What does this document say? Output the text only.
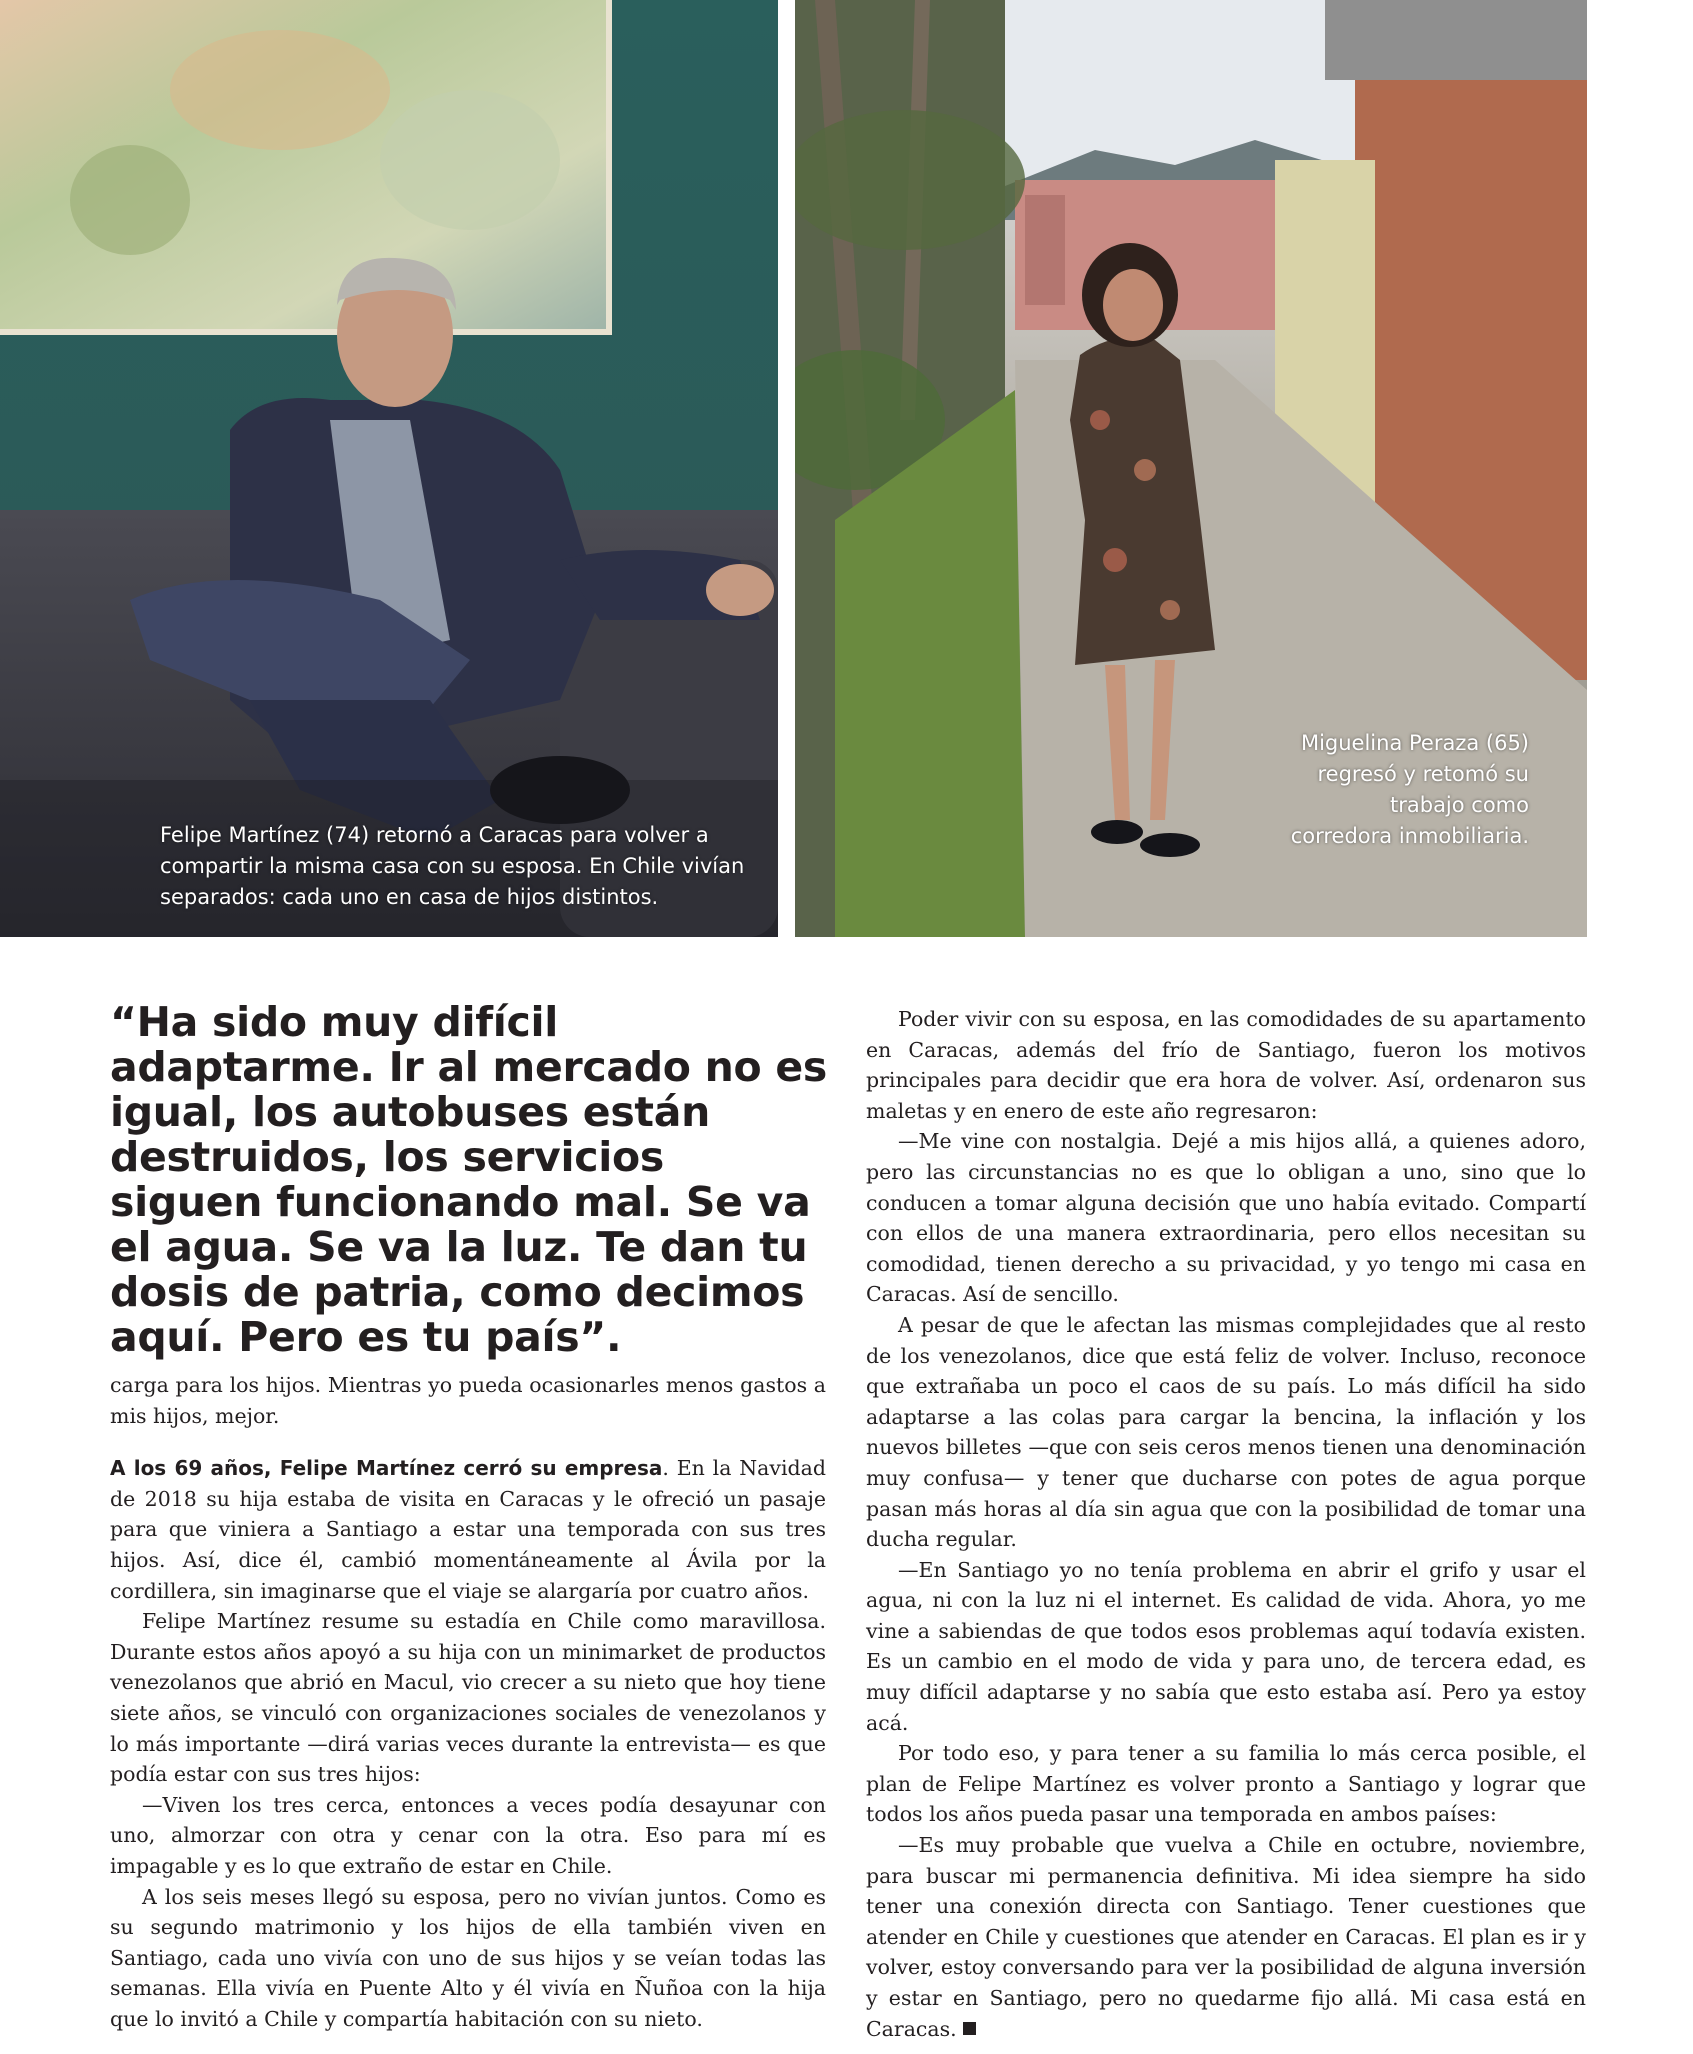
Felipe Martínez (74) retornó a Caracas para volver a compartir la misma casa con su esposa. En Chile vivían separados: cada uno en casa de hijos distintos.
Miguelina Peraza (65) regresó y retomó su trabajo como corredora inmobiliaria.

“Ha sido muy difícil adaptarme. Ir al mercado no es igual, los autobuses están destruidos, los servicios siguen funcionando mal. Se va el agua. Se va la luz. Te dan tu dosis de patria, como decimos aquí. Pero es tu país”.

carga para los hijos. Mientras yo pueda ocasionarles menos gastos a mis hijos, mejor.

A los 69 años, Felipe Martínez cerró su empresa. En la Navidad de 2018 su hija estaba de visita en Caracas y le ofreció un pasaje para que viniera a Santiago a estar una temporada con sus tres hijos. Así, dice él, cambió momentáneamente al Ávila por la cordillera, sin imaginarse que el viaje se alargaría por cuatro años.

Felipe Martínez resume su estadía en Chile como maravillosa. Durante estos años apoyó a su hija con un minimarket de productos venezolanos que abrió en Macul, vio crecer a su nieto que hoy tiene siete años, se vinculó con organizaciones sociales de venezolanos y lo más importante —dirá varias veces durante la entrevista— es que podía estar con sus tres hijos:

—Viven los tres cerca, entonces a veces podía desayunar con uno, almorzar con otra y cenar con la otra. Eso para mí es impagable y es lo que extraño de estar en Chile.

A los seis meses llegó su esposa, pero no vivían juntos. Como es su segundo matrimonio y los hijos de ella también viven en Santiago, cada uno vivía con uno de sus hijos y se veían todas las semanas. Ella vivía en Puente Alto y él vivía en Ñuñoa con la hija que lo invitó a Chile y compartía habitación con su nieto.

Poder vivir con su esposa, en las comodidades de su apartamento en Caracas, además del frío de Santiago, fueron los motivos principales para decidir que era hora de volver. Así, ordenaron sus maletas y en enero de este año regresaron:

—Me vine con nostalgia. Dejé a mis hijos allá, a quienes adoro, pero las circunstancias no es que lo obligan a uno, sino que lo conducen a tomar alguna decisión que uno había evitado. Compartí con ellos de una manera extraordinaria, pero ellos necesitan su comodidad, tienen derecho a su privacidad, y yo tengo mi casa en Caracas. Así de sencillo.

A pesar de que le afectan las mismas complejidades que al resto de los venezolanos, dice que está feliz de volver. Incluso, reconoce que extrañaba un poco el caos de su país. Lo más difícil ha sido adaptarse a las colas para cargar la bencina, la inflación y los nuevos billetes —que con seis ceros menos tienen una denominación muy confusa— y tener que ducharse con potes de agua porque pasan más horas al día sin agua que con la posibilidad de tomar una ducha regular.

—En Santiago yo no tenía problema en abrir el grifo y usar el agua, ni con la luz ni el internet. Es calidad de vida. Ahora, yo me vine a sabiendas de que todos esos problemas aquí todavía existen. Es un cambio en el modo de vida y para uno, de tercera edad, es muy difícil adaptarse y no sabía que esto estaba así. Pero ya estoy acá.

Por todo eso, y para tener a su familia lo más cerca posible, el plan de Felipe Martínez es volver pronto a Santiago y lograr que todos los años pueda pasar una temporada en ambos países:

—Es muy probable que vuelva a Chile en octubre, noviembre, para buscar mi permanencia definitiva. Mi idea siempre ha sido tener una conexión directa con Santiago. Tener cuestiones que atender en Chile y cuestiones que atender en Caracas. El plan es ir y volver, estoy conversando para ver la posibilidad de alguna inversión y estar en Santiago, pero no quedarme fijo allá. Mi casa está en Caracas.
